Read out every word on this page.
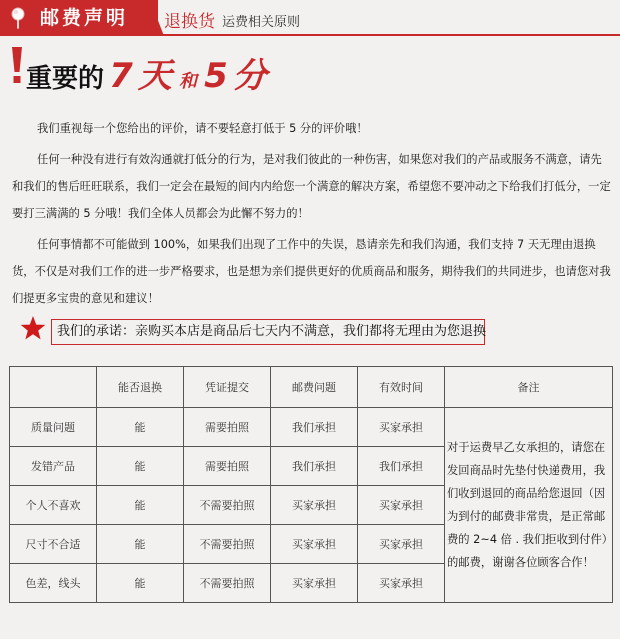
邮费声明 退换货 运费相关原则
重要的 7 天 和 5 分

我们重视每一个您给出的评价，请不要轻意打低于 5 分的评价哦！

任何一种没有进行有效沟通就打低分的行为，是对我们彼此的一种伤害，如果您对我们的产品或服务不满意，请先和我们的售后旺旺联系，我们一定会在最短的间内内给您一个满意的解决方案，希望您不要冲动之下给我们打低分，一定要打三满满的 5 分哦！我们全体人员都会为此懈不努力的！

任何事情都不可能做到 100%，如果我们出现了工作中的失误，恳请亲先和我们沟通，我们支持 7 天无理由退换货，不仅是对我们工作的进一步严格要求，也是想为亲们提供更好的优质商品和服务，期待我们的共同进步，也请您对我们提更多宝贵的意见和建议！

我们的承诺：亲购买本店是商品后七天内不满意，我们都将无理由为您退换
	能否退换	凭证提交	邮费问题	有效时间	备注
质量问题	能	需要拍照	我们承担	买家承担	对于运费早乙女承担的，请您在发回商品时先垫付快递费用，我们收到退回的商品给您退回（因为到付的邮费非常贵，是正常邮费的 2~4 倍 . 我们拒收到付件）的邮费，谢谢各位顾客合作！
发错产品	能	需要拍照	我们承担	我们承担	
个人不喜欢	能	不需要拍照	买家承担	买家承担	
尺寸不合适	能	不需要拍照	买家承担	买家承担	
色差，线头	能	不需要拍照	买家承担	买家承担	
